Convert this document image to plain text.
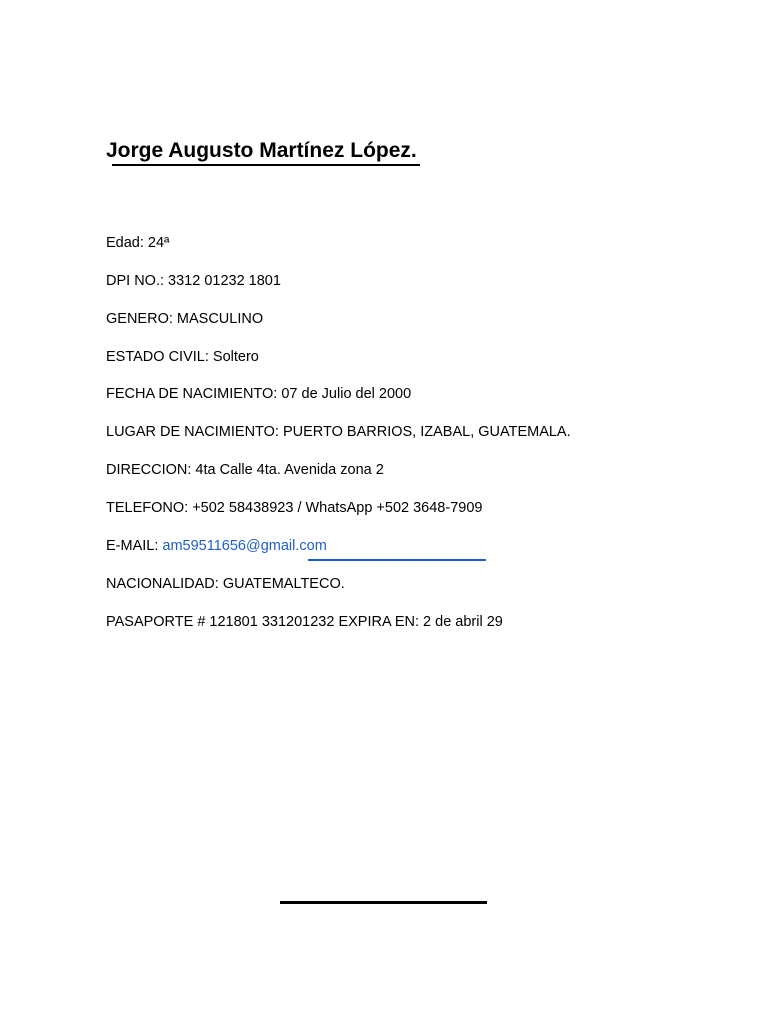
Jorge Augusto Martínez López.
Edad: 24ª
DPI NO.: 3312 01232 1801
GENERO: MASCULINO
ESTADO CIVIL: Soltero
FECHA DE NACIMIENTO: 07 de Julio del 2000
LUGAR DE NACIMIENTO: PUERTO BARRIOS, IZABAL, GUATEMALA.
DIRECCION: 4ta Calle 4ta. Avenida zona 2
TELEFONO: +502 58438923 / WhatsApp +502 3648-7909
E-MAIL: am59511656@gmail.com
NACIONALIDAD: GUATEMALTECO.
PASAPORTE # 121801 331201232 EXPIRA EN: 2 de abril 29
